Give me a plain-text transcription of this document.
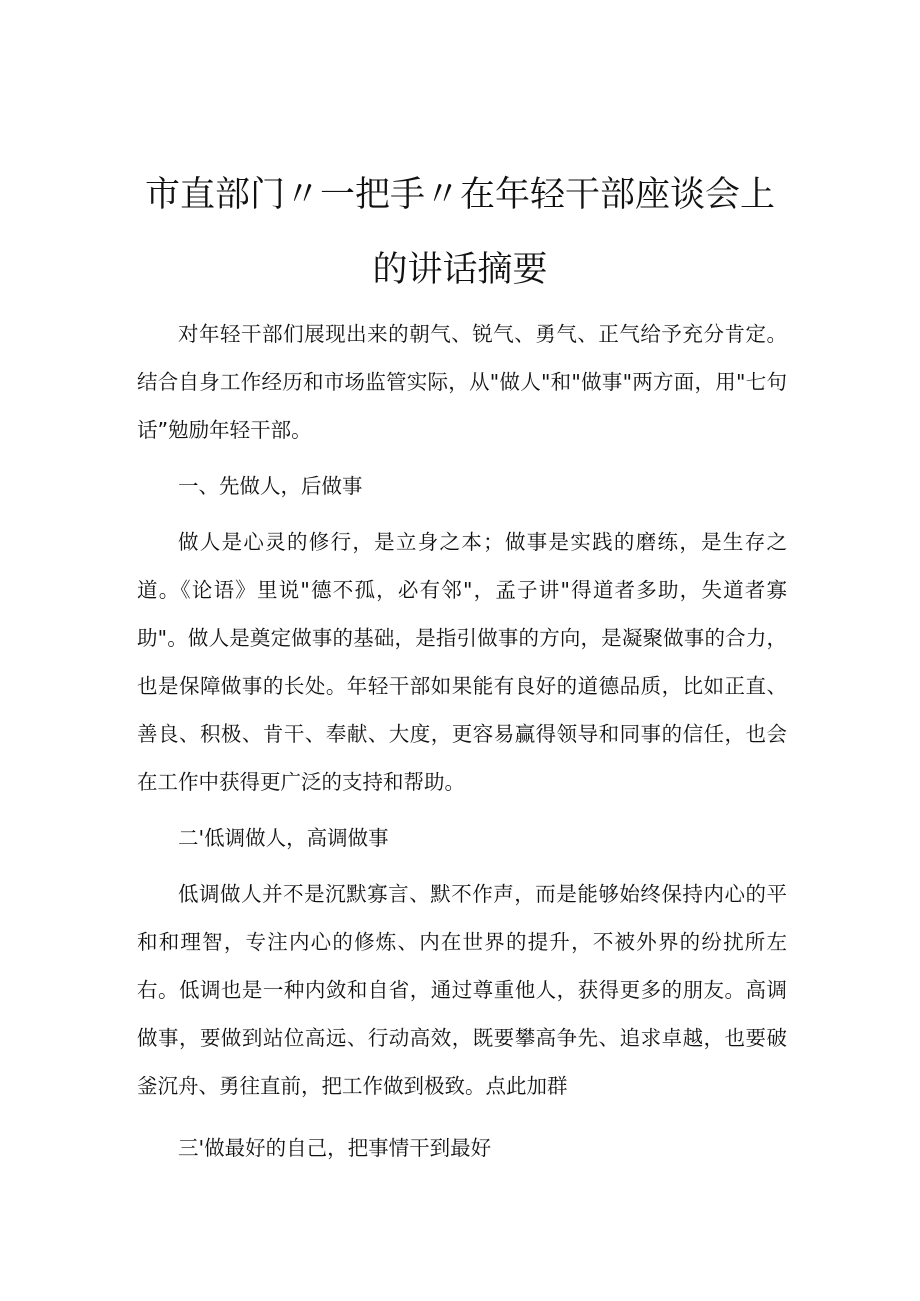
市直部门〃一把手〃在年轻干部座谈会上
的讲话摘要

对年轻干部们展现出来的朝气、锐气、勇气、正气给予充分肯定。结合自身工作经历和市场监管实际，从"做人"和"做事"两方面，用"七句话”勉励年轻干部。

一、先做人，后做事

做人是心灵的修行，是立身之本；做事是实践的磨练，是生存之道。《论语》里说"德不孤，必有邻"，孟子讲"得道者多助，失道者寡助"。做人是奠定做事的基础，是指引做事的方向，是凝聚做事的合力，也是保障做事的长处。年轻干部如果能有良好的道德品质，比如正直、善良、积极、肯干、奉献、大度，更容易赢得领导和同事的信任，也会在工作中获得更广泛的支持和帮助。

二'低调做人，高调做事

低调做人并不是沉默寡言、默不作声，而是能够始终保持内心的平和和理智，专注内心的修炼、内在世界的提升，不被外界的纷扰所左右。低调也是一种内敛和自省，通过尊重他人，获得更多的朋友。高调做事，要做到站位高远、行动高效，既要攀高争先、追求卓越，也要破釜沉舟、勇往直前，把工作做到极致。点此加群

三'做最好的自己，把事情干到最好
